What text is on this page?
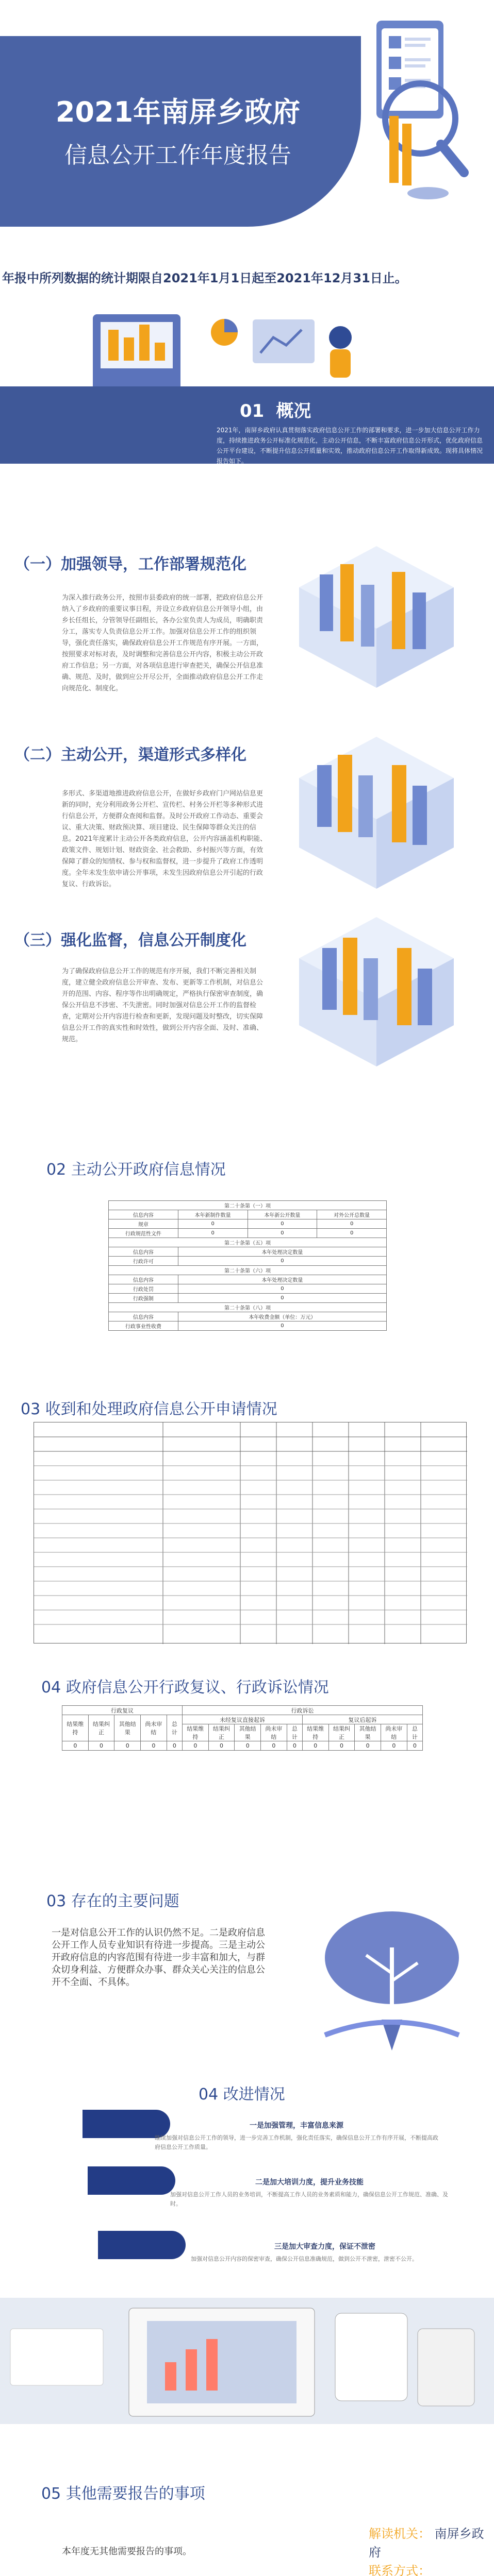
2021年南屏乡政府
信息公开工作年度报告
年报中所列数据的统计期限自2021年1月1日起至2021年12月31日止。
01 概况
2021年，南屏乡政府认真贯彻落实政府信息公开工作的部署和要求，进一步加大信息公开工作力度，持续推进政务公开标准化规范化，主动公开信息，不断丰富政府信息公开形式，优化政府信息公开平台建设，不断提升信息公开质量和实效，推动政府信息公开工作取得新成效。现将具体情况报告如下。
（一）加强领导，工作部署规范化
为深入推行政务公开，按照市县委政府的统一部署，把政府信息公开纳入了乡政府的重要议事日程，并设立乡政府信息公开领导小组，由乡长任组长，分管领导任副组长，各办公室负责人为成员，明确职责分工，落实专人负责信息公开工作。加强对信息公开工作的组织领导，强化责任落实，确保政府信息公开工作规范有序开展。一方面，按照要求对标对表，及时调整和完善信息公开内容，积极主动公开政府工作信息；另一方面，对各项信息进行审查把关，确保公开信息准确、规范、及时，做到应公开尽公开，全面推动政府信息公开工作走向规范化、制度化。
（二）主动公开，渠道形式多样化
多形式、多渠道地推进政府信息公开，在做好乡政府门户网站信息更新的同时，充分利用政务公开栏、宣传栏、村务公开栏等多种形式进行信息公开，方便群众查阅和监督。及时公开政府工作动态、重要会议、重大决策、财政预决算、项目建设、民生保障等群众关注的信息。2021年度累计主动公开各类政府信息，公开内容涵盖机构职能、政策文件、规划计划、财政资金、社会救助、乡村振兴等方面，有效保障了群众的知情权、参与权和监督权，进一步提升了政府工作透明度。全年未发生依申请公开事项，未发生因政府信息公开引起的行政复议、行政诉讼。
（三）强化监督，信息公开制度化
为了确保政府信息公开工作的规范有序开展，我们不断完善相关制度，建立健全政府信息公开审查、发布、更新等工作机制，对信息公开的范围、内容、程序等作出明确规定，严格执行保密审查制度，确保公开信息不涉密、不失泄密。同时加强对信息公开工作的监督检查，定期对公开内容进行检查和更新，发现问题及时整改，切实保障信息公开工作的真实性和时效性，做到公开内容全面、及时、准确、规范。
02 主动公开政府信息情况
第二十条第（一）项			
信息内容	本年新制作数量	本年新公开数量	对外公开总数量
规章	0	0	0
行政规范性文件	0	0	0
第二十条第（五）项			
信息内容	本年处理决定数量		
行政许可	0		
第二十条第（六）项			
信息内容	本年处理决定数量		
行政处罚	0		
行政强制	0		
第二十条第（八）项			
信息内容	本年收费金额（单位：万元）		
行政事业性收费	0		
03 收到和处理政府信息公开申请情况
04 政府信息公开行政复议、行政诉讼情况
行政复议					行政诉讼									
结果维持	结果纠正	其他结果	尚未审结	总计	未经复议直接起诉					复议后起诉				
					结果维持	结果纠正	其他结果	尚未审结	总计	结果维持	结果纠正	其他结果	尚未审结	总计
0	0	0	0	0	0	0	0	0	0	0	0	0	0	0
03 存在的主要问题
一是对信息公开工作的认识仍然不足。二是政府信息公开工作人员专业知识有待进一步提高。三是主动公开政府信息的内容范围有待进一步丰富和加大，与群众切身利益、方便群众办事、群众关心关注的信息公开不全面、不具体。
04 改进情况
一是加强管理，丰富信息来源
继续加强对信息公开工作的领导，进一步完善工作机制，强化责任落实，确保信息公开工作有序开展，不断提高政府信息公开工作质量。
二是加大培训力度，提升业务技能
加强对信息公开工作人员的业务培训，不断提高工作人员的业务素质和能力，确保信息公开工作规范、准确、及时。
三是加大审查力度，保证不泄密
加强对信息公开内容的保密审查，确保公开信息准确规范，做到公开不泄密，泄密不公开。
05 其他需要报告的事项
本年度无其他需要报告的事项。
解读机关： 南屏乡政府
联系方式：
